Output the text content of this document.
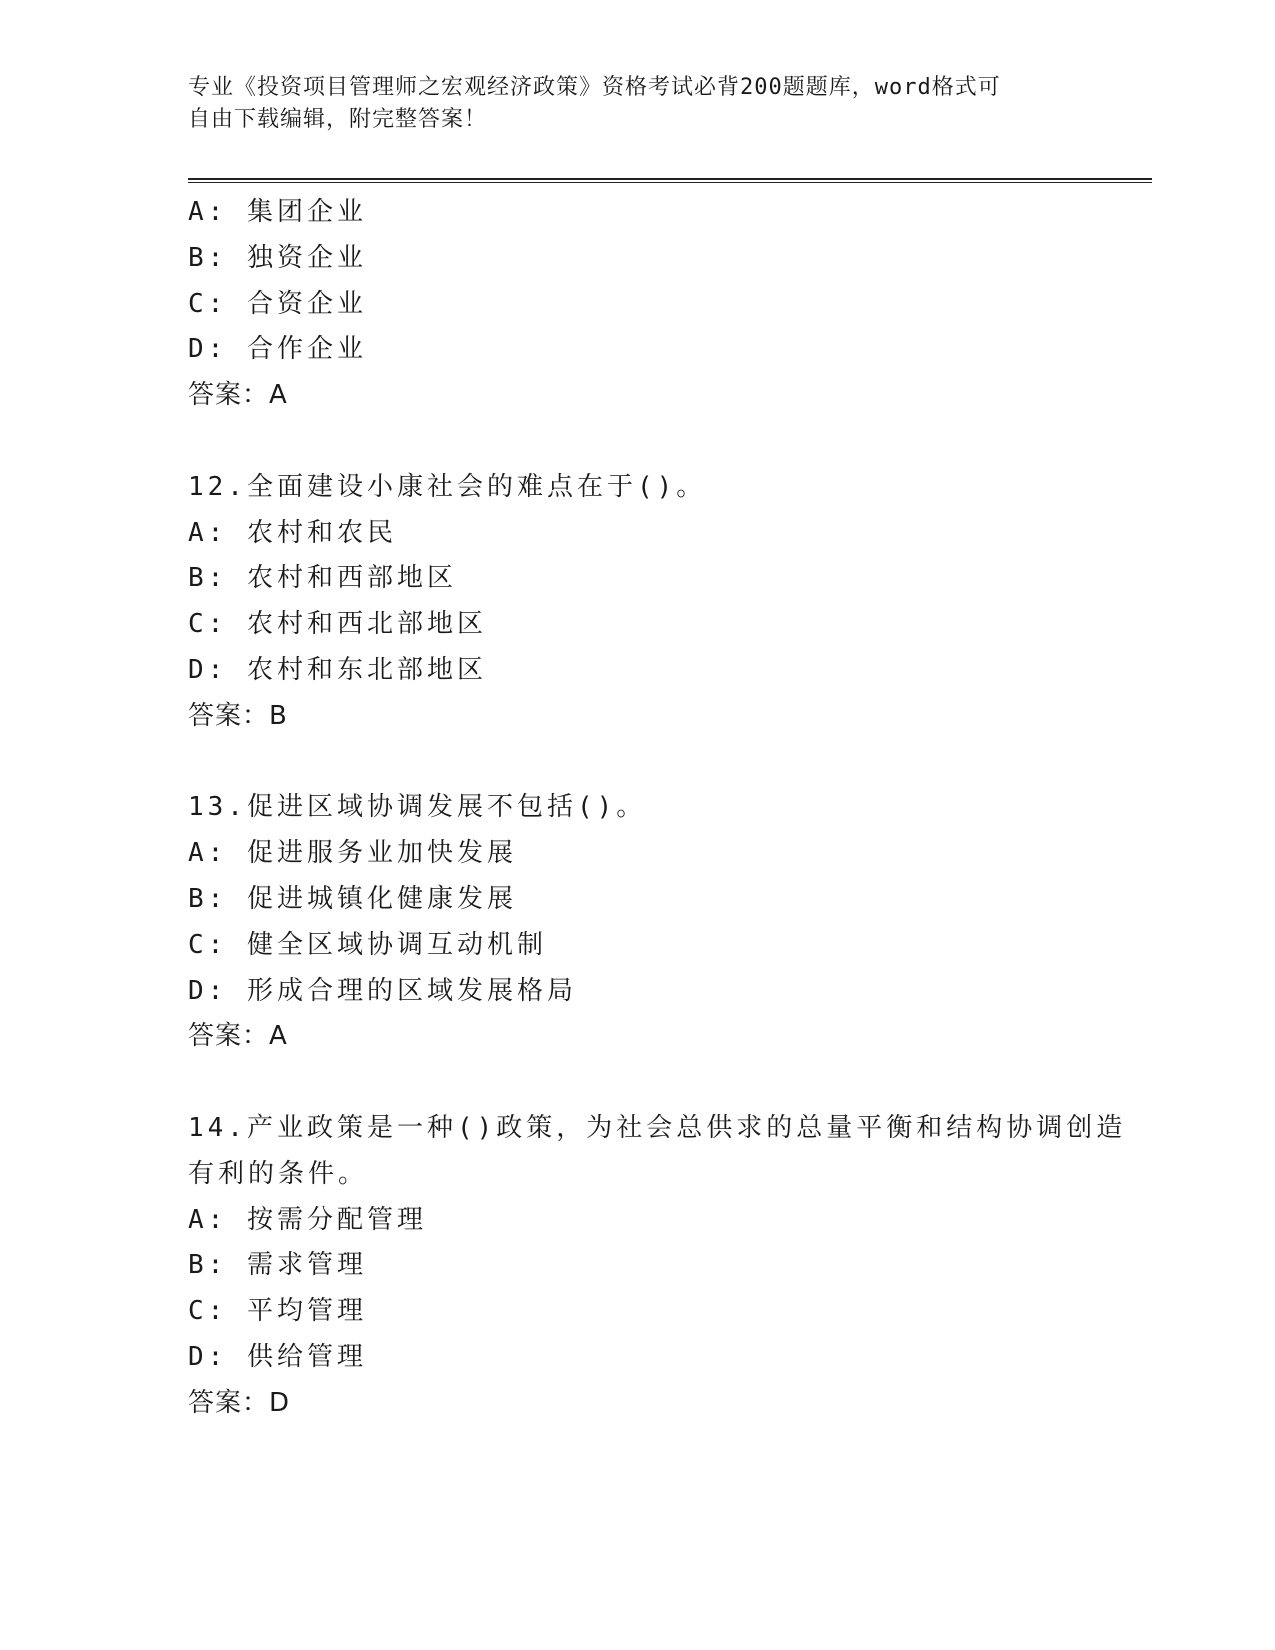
专业《投资项目管理师之宏观经济政策》资格考试必背200题题库，word格式可
自由下载编辑，附完整答案！
A: 集团企业
B: 独资企业
C: 合资企业
D: 合作企业
答案：A
12.全面建设小康社会的难点在于()。
A: 农村和农民
B: 农村和西部地区
C: 农村和西北部地区
D: 农村和东北部地区
答案：B
13.促进区域协调发展不包括()。
A: 促进服务业加快发展
B: 促进城镇化健康发展
C: 健全区域协调互动机制
D: 形成合理的区域发展格局
答案：A
14.产业政策是一种()政策，为社会总供求的总量平衡和结构协调创造
有利的条件。
A: 按需分配管理
B: 需求管理
C: 平均管理
D: 供给管理
答案：D
